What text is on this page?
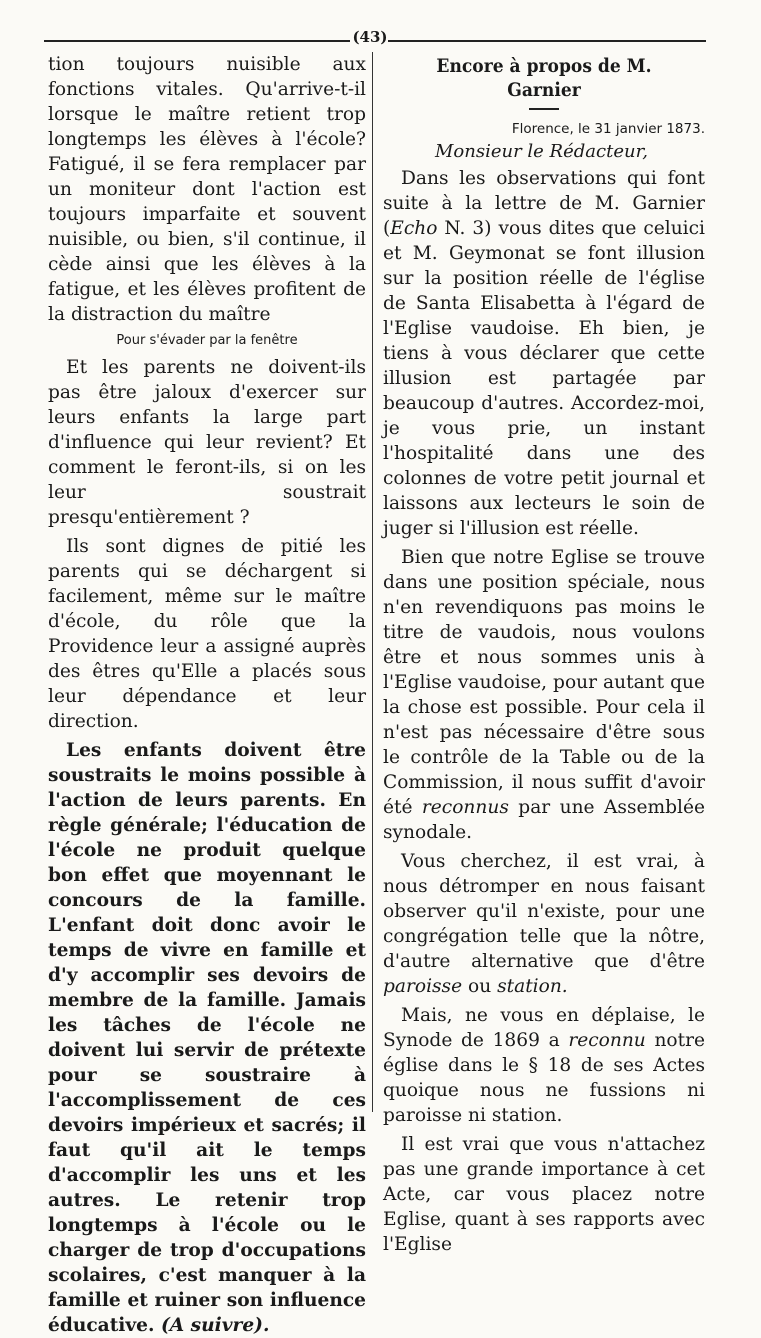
(43)

tion toujours nuisible aux fonctions vitales. Qu'arrive-t-il lorsque le maître retient trop longtemps les élèves à l'école? Fatigué, il se fera remplacer par un moniteur dont l'action est toujours imparfaite et souvent nuisible, ou bien, s'il continue, il cède ainsi que les élèves à la fatigue, et les élèves profitent de la distraction du maître

Pour s'évader par la fenêtre

Et les parents ne doivent-ils pas être jaloux d'exercer sur leurs enfants la large part d'influence qui leur revient? Et comment le feront-ils, si on les leur soustrait presqu'entièrement ?

Ils sont dignes de pitié les parents qui se déchargent si facilement, même sur le maître d'école, du rôle que la Providence leur a assigné auprès des êtres qu'Elle a placés sous leur dépendance et leur direction.

Les enfants doivent être soustraits le moins possible à l'action de leurs parents. En règle générale; l'éducation de l'école ne produit quelque bon effet que moyennant le concours de la famille. L'enfant doit donc avoir le temps de vivre en famille et d'y accomplir ses devoirs de membre de la famille. Jamais les tâches de l'école ne doivent lui servir de prétexte pour se soustraire à l'accomplissement de ces devoirs impérieux et sacrés; il faut qu'il ait le temps d'accomplir les uns et les autres. Le retenir trop longtemps à l'école ou le charger de trop d'occupations scolaires, c'est manquer à la famille et ruiner son influence éducative. (A suivre).

Encore à propos de M. Garnier

Florence, le 31 janvier 1873.

Monsieur le Rédacteur,

Dans les observations qui font suite à la lettre de M. Garnier (Echo N. 3) vous dites que celuici et M. Geymonat se font illusion sur la position réelle de l'église de Santa Elisabetta à l'égard de l'Eglise vaudoise. Eh bien, je tiens à vous déclarer que cette illusion est partagée par beaucoup d'autres. Accordez-moi, je vous prie, un instant l'hospitalité dans une des colonnes de votre petit journal et laissons aux lecteurs le soin de juger si l'illusion est réelle.

Bien que notre Eglise se trouve dans une position spéciale, nous n'en revendiquons pas moins le titre de vaudois, nous voulons être et nous sommes unis à l'Eglise vaudoise, pour autant que la chose est possible. Pour cela il n'est pas nécessaire d'être sous le contrôle de la Table ou de la Commission, il nous suffit d'avoir été reconnus par une Assemblée synodale.

Vous cherchez, il est vrai, à nous détromper en nous faisant observer qu'il n'existe, pour une congrégation telle que la nôtre, d'autre alternative que d'être paroisse ou station.

Mais, ne vous en déplaise, le Synode de 1869 a reconnu notre église dans le § 18 de ses Actes quoique nous ne fussions ni paroisse ni station.

Il est vrai que vous n'attachez pas une grande importance à cet Acte, car vous placez notre Eglise, quant à ses rapports avec l'Eglise
